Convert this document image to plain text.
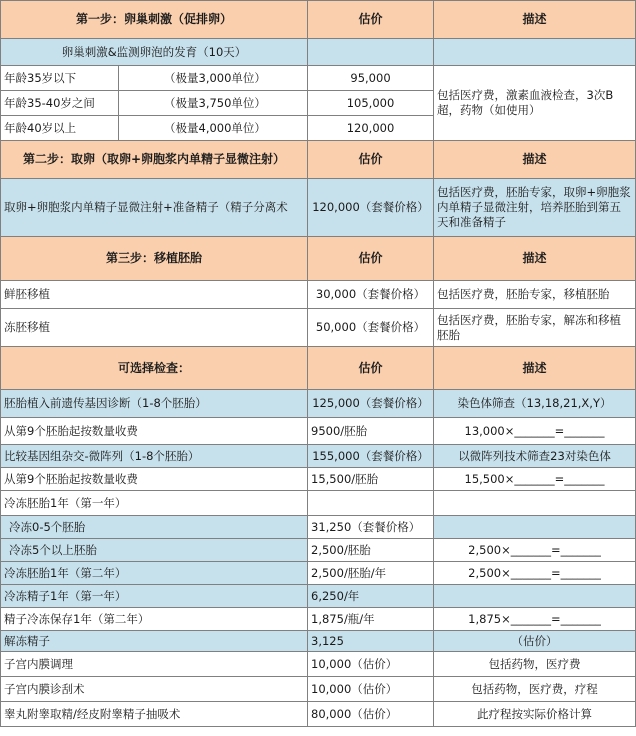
第一步：卵巢刺激（促排卵）		估价	描述
卵巢刺激&监测卵泡的发育（10天）			
年龄35岁以下	（极量3,000单位）	95,000	包括医疗费，激素血液检查，3次B超，药物（如使用）
年龄35-40岁之间	（极量3,750单位）	105,000	
年龄40岁以上	（极量4,000单位）	120,000	
第二步：取卵（取卵+卵胞浆内单精子显微注射）		估价	描述
取卵+卵胞浆内单精子显微注射+准备精子（精子分离术		120,000（套餐价格）	包括医疗费，胚胎专家，取卵+卵胞浆内单精子显微注射，培养胚胎到第五天和准备精子
第三步：移植胚胎		估价	描述
鲜胚移植		30,000（套餐价格）	包括医疗费，胚胎专家，移植胚胎
冻胚移植		50,000（套餐价格）	包括医疗费，胚胎专家，解冻和移植胚胎
可选择检查：		估价	描述
胚胎植入前遗传基因诊断（1-8个胚胎）		125,000（套餐价格）	染色体筛查（13,18,21,X,Y）
从第9个胚胎起按数量收费		9500/胚胎	13,000×_______=_______
比较基因组杂交-微阵列（1-8个胚胎）		155,000（套餐价格）	以微阵列技术筛查23对染色体
从第9个胚胎起按数量收费		15,500/胚胎	15,500×_______=_______
冷冻胚胎1年（第一年）			
冷冻0-5个胚胎		31,250（套餐价格）	
冷冻5个以上胚胎		2,500/胚胎	2,500×_______=_______
冷冻胚胎1年（第二年）		2,500/胚胎/年	2,500×_______=_______
冷冻精子1年（第一年）		6,250/年	
精子冷冻保存1年（第二年）		1,875/瓶/年	1,875×_______=_______
解冻精子		3,125	（估价）
子宫内膜调理		10,000（估价）	包括药物，医疗费
子宫内膜诊刮术		10,000（估价）	包括药物，医疗费，疗程
睾丸附睾取精/经皮附睾精子抽吸术		80,000（估价）	此疗程按实际价格计算
